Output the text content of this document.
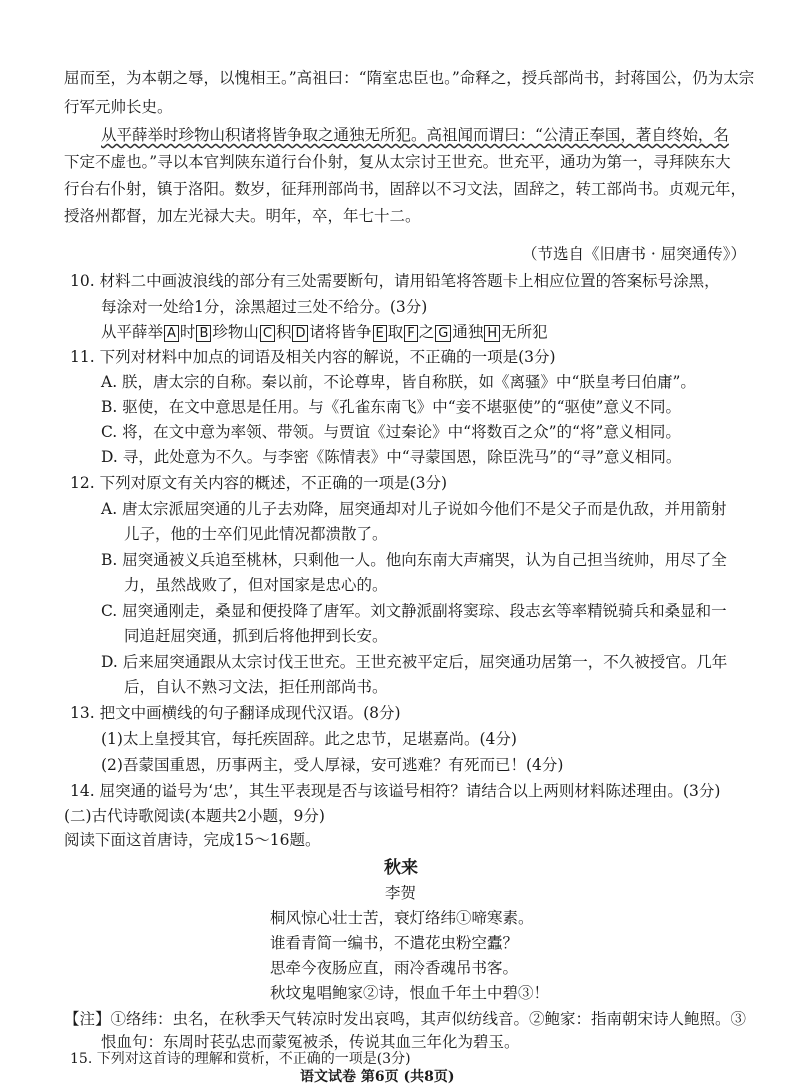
屈而至，为本朝之辱，以愧相王。”高祖曰：“隋室忠臣也。”命释之，授兵部尚书，封蒋国公，仍为太宗
行军元帅长史。
从平薛举时珍物山积诸将皆争取之通独无所犯。高祖闻而谓曰：“公清正奉国，著自终始，名
下定不虚也。”寻以本官判陕东道行台仆射，复从太宗讨王世充。世充平，通功为第一，寻拜陕东大
行台右仆射，镇于洛阳。数岁，征拜刑部尚书，固辞以不习文法，固辞之，转工部尚书。贞观元年，
授洛州都督，加左光禄大夫。明年，卒，年七十二。
（节选自《旧唐书 · 屈突通传》）
10. 材料二中画波浪线的部分有三处需要断句，请用铅笔将答题卡上相应位置的答案标号涂黑，
每涂对一处给1分，涂黑超过三处不给分。(3分)
从平薛举 A 时 B 珍物山 C 积 D 诸将皆争 E 取 F 之 G 通独 H 无所犯
11. 下列对材料中加点的词语及相关内容的解说，不正确的一项是(3分)
A. 朕，唐太宗的自称。秦以前，不论尊卑，皆自称朕，如《离骚》中“朕皇考曰伯庸”。
B. 驱使，在文中意思是任用。与《孔雀东南飞》中“妾不堪驱使”的“驱使”意义不同。
C. 将，在文中意为率领、带领。与贾谊《过秦论》中“将数百之众”的“将”意义相同。
D. 寻，此处意为不久。与李密《陈情表》中“寻蒙国恩，除臣洗马”的“寻”意义相同。
12. 下列对原文有关内容的概述，不正确的一项是(3分)
A. 唐太宗派屈突通的儿子去劝降，屈突通却对儿子说如今他们不是父子而是仇敌，并用箭射
儿子，他的士卒们见此情况都溃散了。
B. 屈突通被义兵追至桃林，只剩他一人。他向东南大声痛哭，认为自己担当统帅，用尽了全
力，虽然战败了，但对国家是忠心的。
C. 屈突通刚走，桑显和便投降了唐军。刘文静派副将窦琮、段志玄等率精锐骑兵和桑显和一
同追赶屈突通，抓到后将他押到长安。
D. 后来屈突通跟从太宗讨伐王世充。王世充被平定后，屈突通功居第一，不久被授官。几年
后，自认不熟习文法，拒任刑部尚书。
13. 把文中画横线的句子翻译成现代汉语。(8分)
(1)太上皇授其官，每托疾固辞。此之忠节，足堪嘉尚。(4分)
(2)吾蒙国重恩，历事两主，受人厚禄，安可逃难？有死而已！(4分)
14. 屈突通的谥号为‘忠’，其生平表现是否与该谥号相符？请结合以上两则材料陈述理由。(3分)
(二)古代诗歌阅读(本题共2小题，9分)
阅读下面这首唐诗，完成15～16题。
秋来
李贺
桐风惊心壮士苦，衰灯络纬①啼寒素。
谁看青简一编书，不遣花虫粉空蠹？
思牵今夜肠应直，雨冷香魂吊书客。
秋坟鬼唱鲍家②诗，恨血千年土中碧③！
【注】①络纬：虫名，在秋季天气转凉时发出哀鸣，其声似纺线音。②鲍家：指南朝宋诗人鲍照。③
恨血句：东周时苌弘忠而蒙冤被杀，传说其血三年化为碧玉。
15. 下列对这首诗的理解和赏析，不正确的一项是(3分)
语文试卷 第6页 (共8页)
